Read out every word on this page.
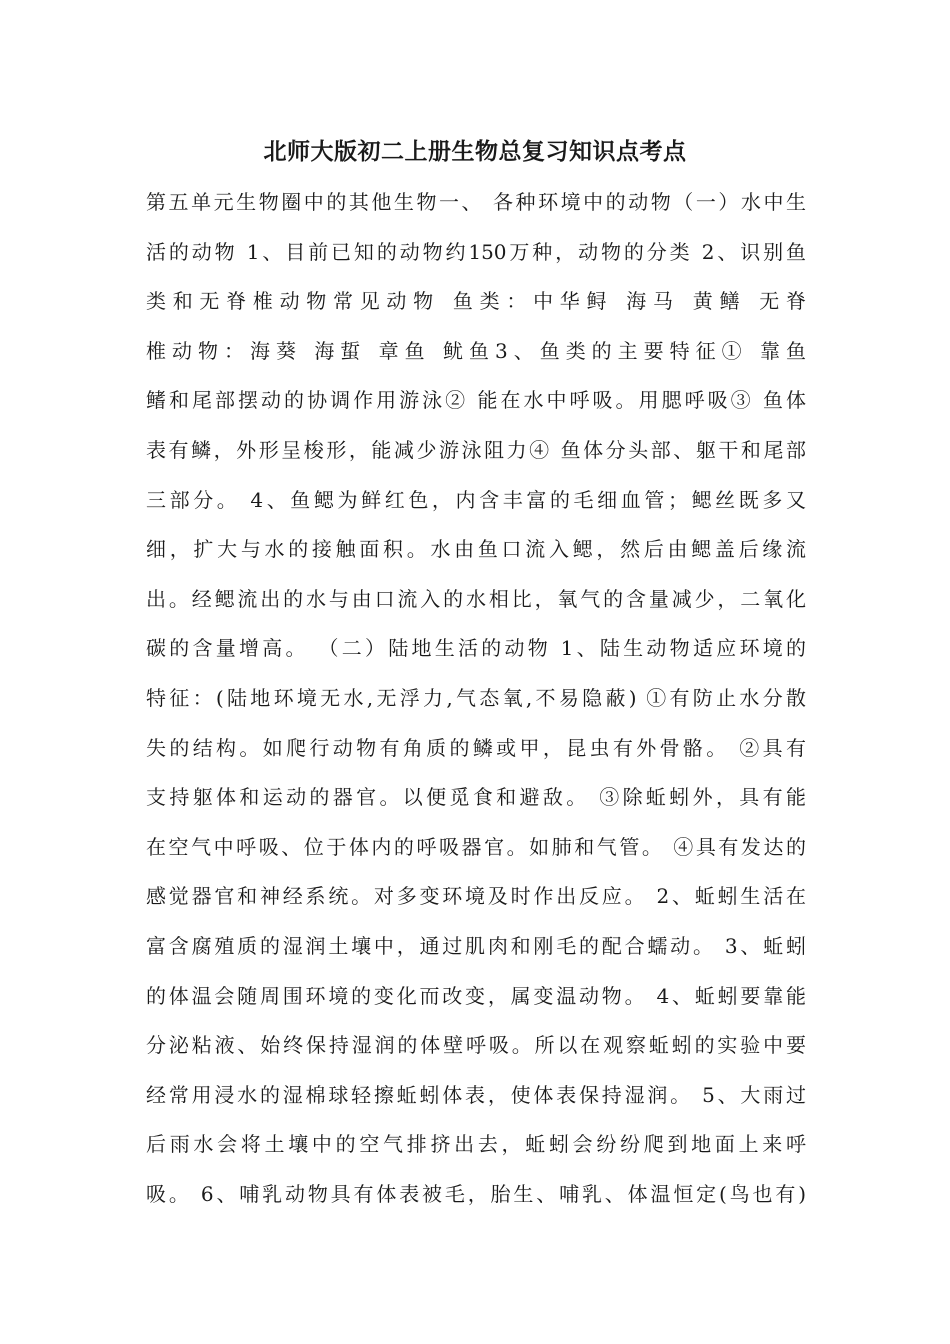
北师大版初二上册生物总复习知识点考点
第五单元生物圈中的其他生物一、 各种环境中的动物（一）水中生
活的动物 1、目前已知的动物约150万种，动物的分类 2、识别鱼
类和无脊椎动物常见动物 鱼类：中华鲟 海马 黄鳝 无脊
椎动物：海葵 海蜇 章鱼 鱿鱼3、鱼类的主要特征① 靠鱼
鳍和尾部摆动的协调作用游泳② 能在水中呼吸。用腮呼吸③ 鱼体
表有鳞，外形呈梭形，能减少游泳阻力④ 鱼体分头部、躯干和尾部
三部分。 4、鱼鳃为鲜红色，内含丰富的毛细血管；鳃丝既多又
细，扩大与水的接触面积。水由鱼口流入鳃，然后由鳃盖后缘流
出。经鳃流出的水与由口流入的水相比，氧气的含量减少，二氧化
碳的含量增高。 （二）陆地生活的动物 1、陆生动物适应环境的
特征：(陆地环境无水,无浮力,气态氧,不易隐蔽) ①有防止水分散
失的结构。如爬行动物有角质的鳞或甲，昆虫有外骨骼。 ②具有
支持躯体和运动的器官。以便觅食和避敌。 ③除蚯蚓外，具有能
在空气中呼吸、位于体内的呼吸器官。如肺和气管。 ④具有发达的
感觉器官和神经系统。对多变环境及时作出反应。 2、蚯蚓生活在
富含腐殖质的湿润土壤中，通过肌肉和刚毛的配合蠕动。 3、蚯蚓
的体温会随周围环境的变化而改变，属变温动物。 4、蚯蚓要靠能
分泌粘液、始终保持湿润的体壁呼吸。所以在观察蚯蚓的实验中要
经常用浸水的湿棉球轻擦蚯蚓体表，使体表保持湿润。 5、大雨过
后雨水会将土壤中的空气排挤出去，蚯蚓会纷纷爬到地面上来呼
吸。 6、哺乳动物具有体表被毛，胎生、哺乳、体温恒定(鸟也有)
